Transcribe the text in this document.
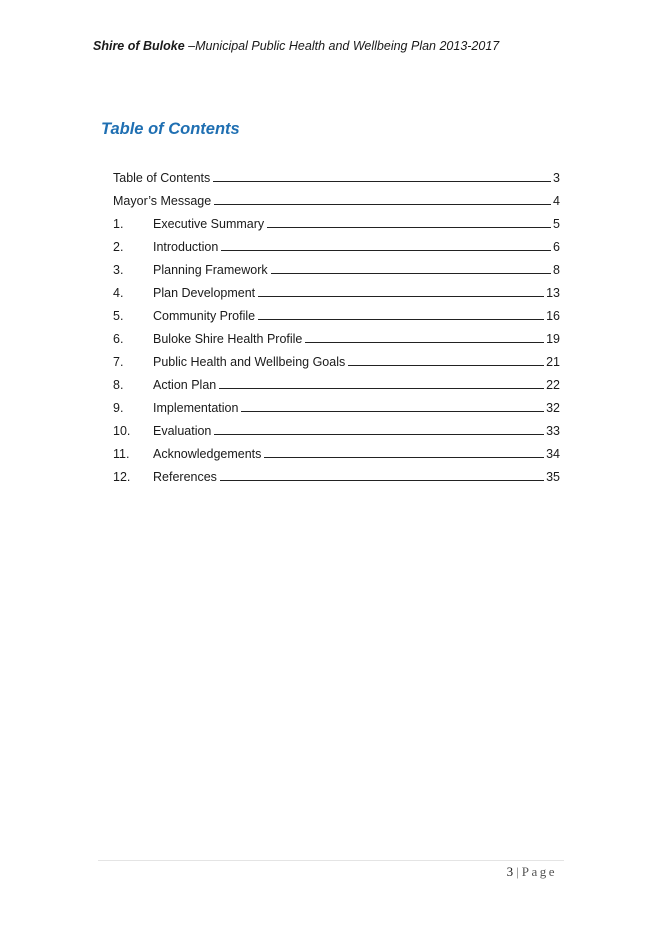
Shire of Buloke –Municipal Public Health and Wellbeing Plan 2013-2017
Table of Contents
Table of Contents	3
Mayor’s Message	4
1.	Executive Summary	5
2.	Introduction	6
3.	Planning Framework	8
4.	Plan Development	13
5.	Community Profile	16
6.	Buloke Shire Health Profile	19
7.	Public Health and Wellbeing Goals	21
8.	Action Plan	22
9.	Implementation	32
10.	Evaluation	33
11.	Acknowledgements	34
12.	References	35
3 | Page
